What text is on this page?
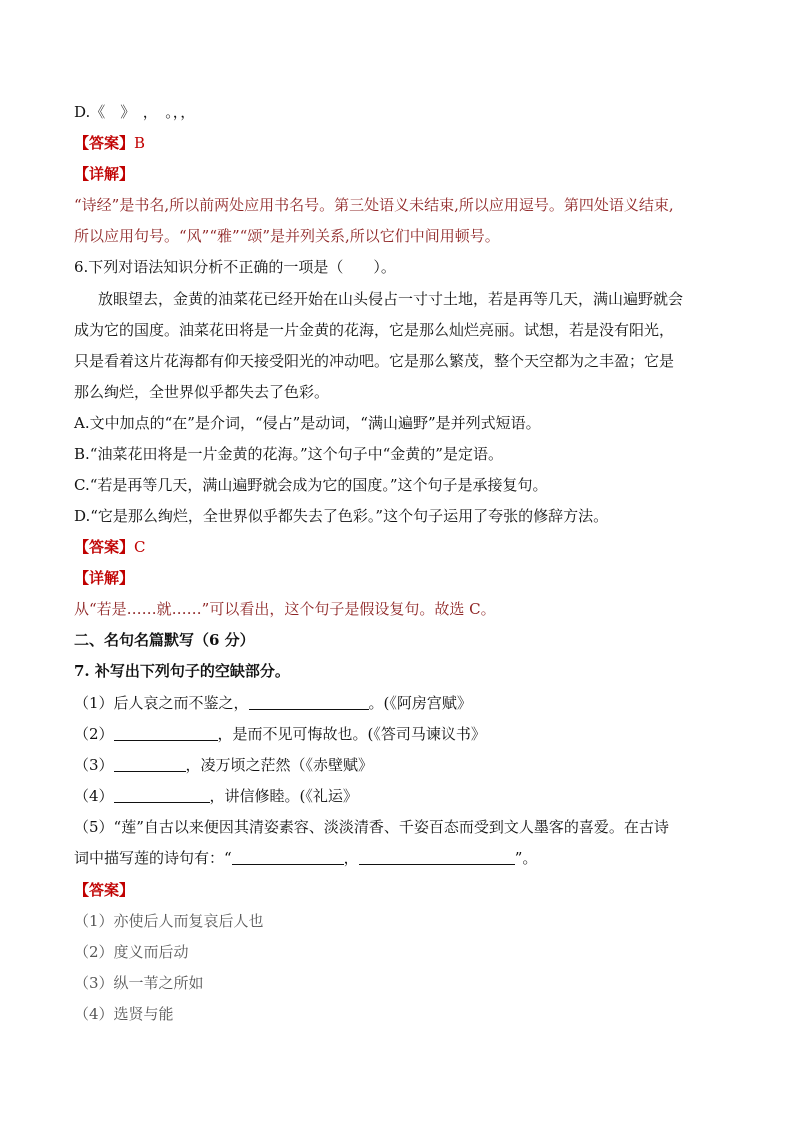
D.《　》　，　。，，
【答案】B
【详解】
“诗经”是书名,所以前两处应用书名号。第三处语义未结束,所以应用逗号。第四处语义结束,
所以应用句号。“风”“雅”“颂”是并列关系,所以它们中间用顿号。
6.下列对语法知识分析不正确的一项是（　　）。
放眼望去，金黄的油菜花已经开始在山头侵占一寸寸土地，若是再等几天，满山遍野就会
成为它的国度。油菜花田将是一片金黄的花海，它是那么灿烂亮丽。试想，若是没有阳光，
只是看着这片花海都有仰天接受阳光的冲动吧。它是那么繁茂，整个天空都为之丰盈；它是
那么绚烂，全世界似乎都失去了色彩。
A.文中加点的“在”是介词，“侵占”是动词，“满山遍野”是并列式短语。
B.“油菜花田将是一片金黄的花海。”这个句子中“金黄的”是定语。
C.“若是再等几天，满山遍野就会成为它的国度。”这个句子是承接复句。
D.“它是那么绚烂，全世界似乎都失去了色彩。”这个句子运用了夸张的修辞方法。
【答案】C
【详解】
从“若是……就……”可以看出，这个句子是假设复句。故选 C。
二、名句名篇默写（6 分）
7. 补写出下列句子的空缺部分。
（1）后人哀之而不鉴之，	。(《阿房宫赋》
（2）	，是而不见可悔故也。(《答司马谏议书》
（3）	，凌万顷之茫然（《赤壁赋》
（4）	，讲信修睦。(《礼运》
（5）“莲”自古以来便因其清姿素容、淡淡清香、千姿百态而受到文人墨客的喜爱。在古诗
词中描写莲的诗句有：“	，	”。
【答案】
（1）亦使后人而复哀后人也
（2）度义而后动
（3）纵一苇之所如
（4）选贤与能
